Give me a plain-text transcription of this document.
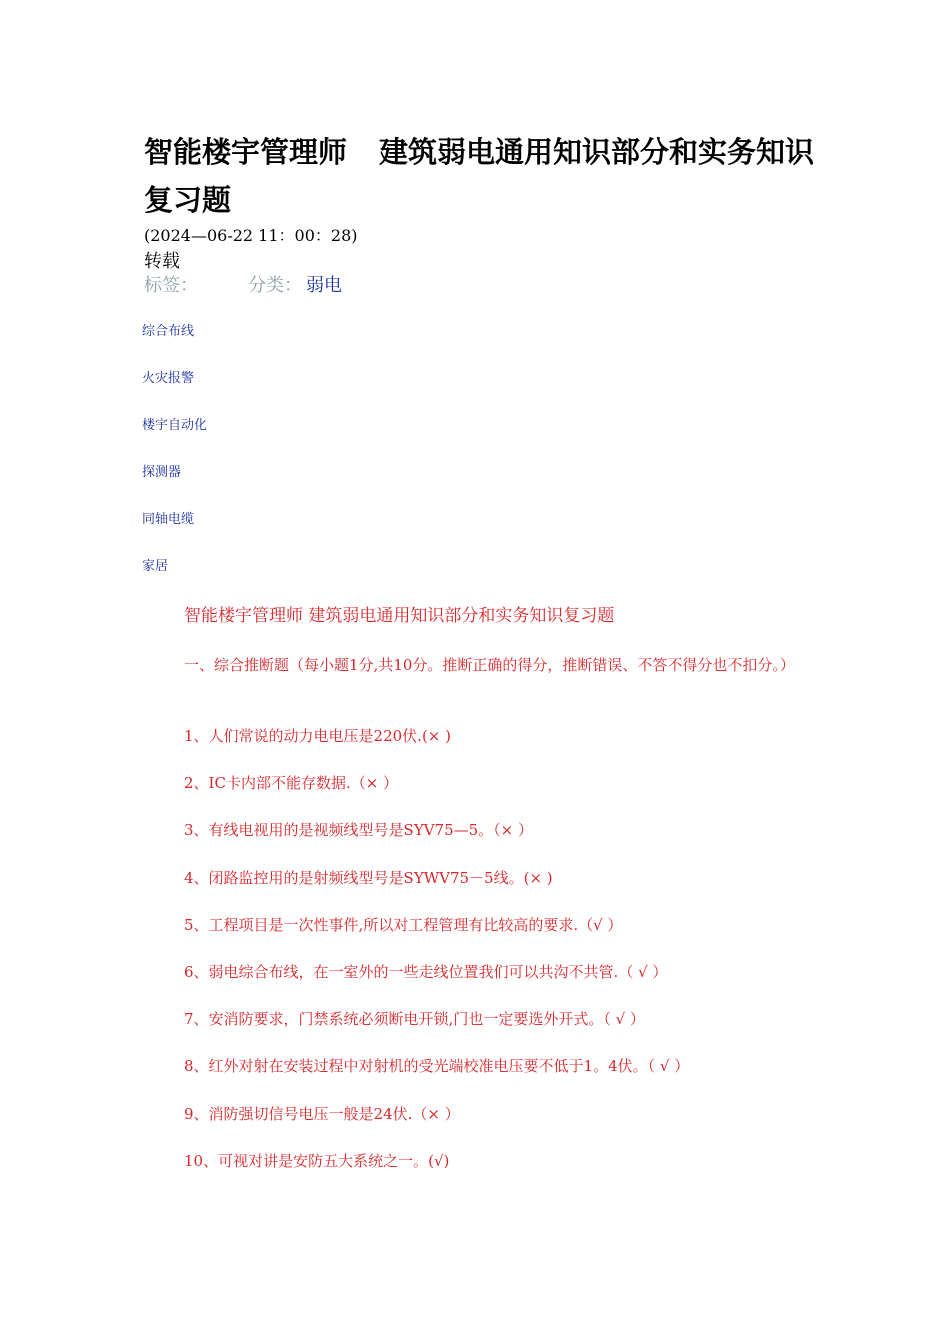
智能楼宇管理师 建筑弱电通用知识部分和实务知识复习题
(2024—06-22 11：00：28)
转载
标签：	分类： 弱电
综合布线
火灾报警
楼宇自动化
探测器
同轴电缆
家居
智能楼宇管理师 建筑弱电通用知识部分和实务知识复习题
一、综合推断题（每小题1分,共10分。推断正确的得分，推断错误、不答不得分也不扣分。）
1、人们常说的动力电电压是220伏.(× )
2、IC卡内部不能存数据.（× ）
3、有线电视用的是视频线型号是SYV75—5。（× ）
4、闭路监控用的是射频线型号是SYWV75－5线。(× )
5、工程项目是一次性事件,所以对工程管理有比较高的要求.（√ ）
6、弱电综合布线，在一室外的一些走线位置我们可以共沟不共管.（ √ ）
7、安消防要求，门禁系统必须断电开锁,门也一定要选外开式。（ √ ）
8、红外对射在安装过程中对射机的受光端校准电压要不低于1。4伏。（ √ ）
9、消防强切信号电压一般是24伏.（× ）
10、可视对讲是安防五大系统之一。(√)
